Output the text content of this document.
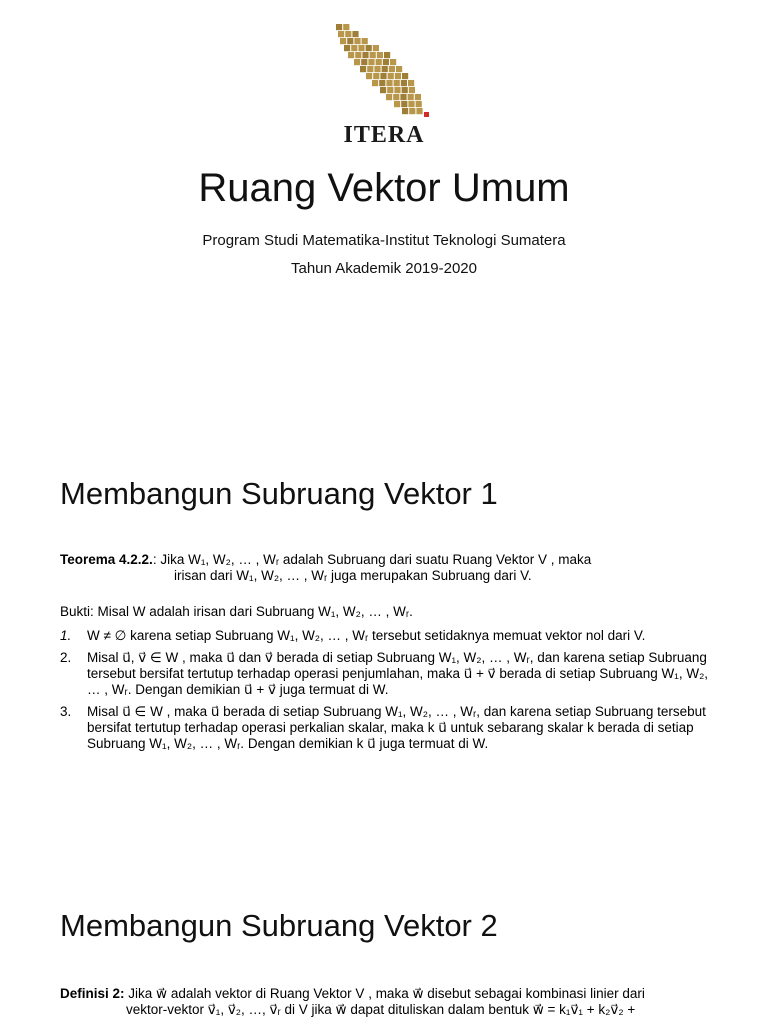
ITERA
Ruang Vektor Umum
Program Studi Matematika-Institut Teknologi Sumatera
Tahun Akademik 2019-2020
Membangun Subruang Vektor 1
Teorema 4.2.2.: Jika W₁, W₂, … , Wᵣ adalah Subruang dari suatu Ruang Vektor V , maka
irisan dari W₁, W₂, … , Wᵣ juga merupakan Subruang dari V.
Bukti: Misal W adalah irisan dari Subruang W₁, W₂, … , Wᵣ.
1. W ≠ ∅ karena setiap Subruang W₁, W₂, … , Wᵣ tersebut setidaknya memuat vektor nol dari V.
2. Misal u⃗, v⃗ ∈ W , maka u⃗ dan v⃗ berada di setiap Subruang W₁, W₂, … , Wᵣ, dan karena setiap Subruang tersebut bersifat tertutup terhadap operasi penjumlahan, maka u⃗ + v⃗ berada di setiap Subruang W₁, W₂, … , Wᵣ. Dengan demikian u⃗ + v⃗ juga termuat di W.
3. Misal u⃗ ∈ W , maka u⃗ berada di setiap Subruang W₁, W₂, … , Wᵣ, dan karena setiap Subruang tersebut bersifat tertutup terhadap operasi perkalian skalar, maka k u⃗ untuk sebarang skalar k berada di setiap Subruang W₁, W₂, … , Wᵣ. Dengan demikian k u⃗ juga termuat di W.
Membangun Subruang Vektor 2
Definisi 2: Jika w⃗ adalah vektor di Ruang Vektor V , maka w⃗ disebut sebagai kombinasi linier dari
vektor-vektor v⃗₁, v⃗₂, …, v⃗ᵣ di V jika w⃗ dapat dituliskan dalam bentuk w⃗ = k₁v⃗₁ + k₂v⃗₂ +
